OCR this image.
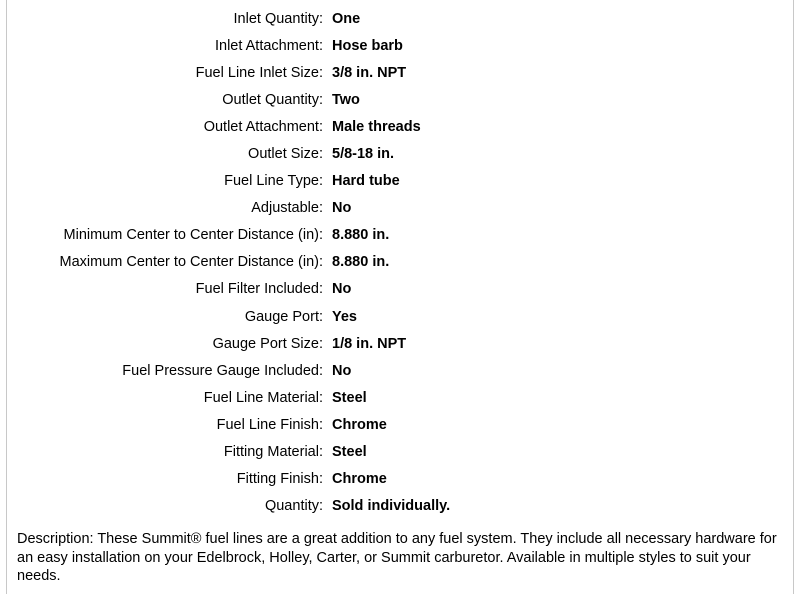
Inlet Quantity: One
Inlet Attachment: Hose barb
Fuel Line Inlet Size: 3/8 in. NPT
Outlet Quantity: Two
Outlet Attachment: Male threads
Outlet Size: 5/8-18 in.
Fuel Line Type: Hard tube
Adjustable: No
Minimum Center to Center Distance (in): 8.880 in.
Maximum Center to Center Distance (in): 8.880 in.
Fuel Filter Included: No
Gauge Port: Yes
Gauge Port Size: 1/8 in. NPT
Fuel Pressure Gauge Included: No
Fuel Line Material: Steel
Fuel Line Finish: Chrome
Fitting Material: Steel
Fitting Finish: Chrome
Quantity: Sold individually.
Description: These Summit® fuel lines are a great addition to any fuel system. They include all necessary hardware for an easy installation on your Edelbrock, Holley, Carter, or Summit carburetor. Available in multiple styles to suit your needs.
